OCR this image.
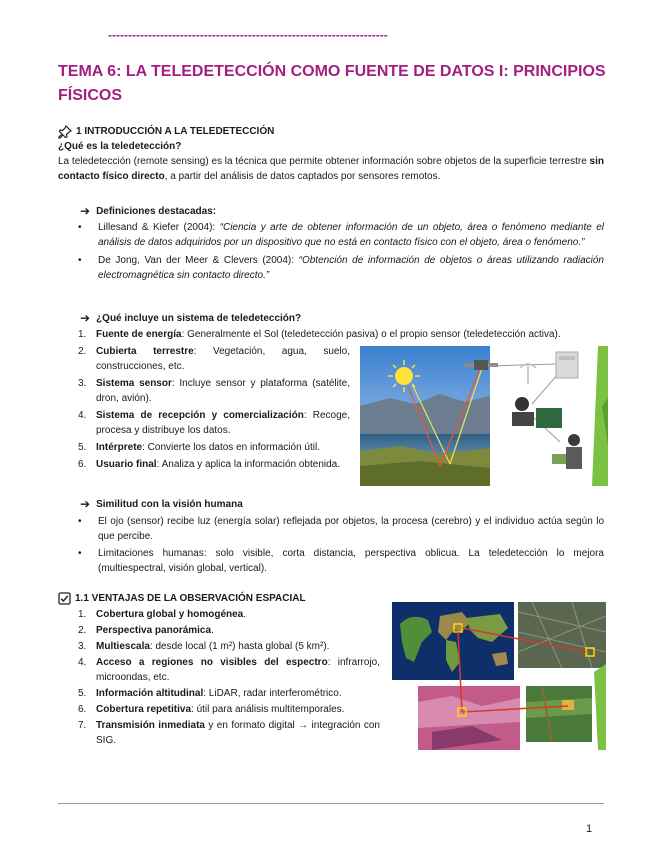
----------------------------------------------------------------------
TEMA 6: LA TELEDETECCIÓN COMO FUENTE DE DATOS I: PRINCIPIOS FÍSICOS
1 INTRODUCCIÓN A LA TELEDETECCIÓN
¿Qué es la teledetección?
La teledetección (remote sensing) es la técnica que permite obtener información sobre objetos de la superficie terrestre sin contacto físico directo, a partir del análisis de datos captados por sensores remotos.
➔ Definiciones destacadas:
• Lillesand & Kiefer (2004): “Ciencia y arte de obtener información de un objeto, área o fenómeno mediante el análisis de datos adquiridos por un dispositivo que no está en contacto físico con el objeto, área o fenómeno.”
• De Jong, Van der Meer & Clevers (2004): “Obtención de información de objetos o áreas utilizando radiación electromagnética sin contacto directo.”
➔ ¿Qué incluye un sistema de teledetección?
1. Fuente de energía: Generalmente el Sol (teledetección pasiva) o el propio sensor (teledetección activa).
2. Cubierta terrestre: Vegetación, agua, suelo, construcciones, etc.
3. Sistema sensor: Incluye sensor y plataforma (satélite, dron, avión).
4. Sistema de recepción y comercialización: Recoge, procesa y distribuye los datos.
5. Intérprete: Convierte los datos en información útil.
6. Usuario final: Analiza y aplica la información obtenida.
➔ Similitud con la visión humana
• El ojo (sensor) recibe luz (energía solar) reflejada por objetos, la procesa (cerebro) y el individuo actúa según lo que percibe.
• Limitaciones humanas: solo visible, corta distancia, perspectiva oblicua. La teledetección lo mejora (multiespectral, visión global, vertical).
1.1 VENTAJAS DE LA OBSERVACIÓN ESPACIAL
1. Cobertura global y homogénea.
2. Perspectiva panorámica.
3. Multiescala: desde local (1 m²) hasta global (5 km²).
4. Acceso a regiones no visibles del espectro: infrarrojo, microondas, etc.
5. Información altitudinal: LiDAR, radar interferométrico.
6. Cobertura repetitiva: útil para análisis multitemporales.
7. Transmisión inmediata y en formato digital → integración con SIG.
1
